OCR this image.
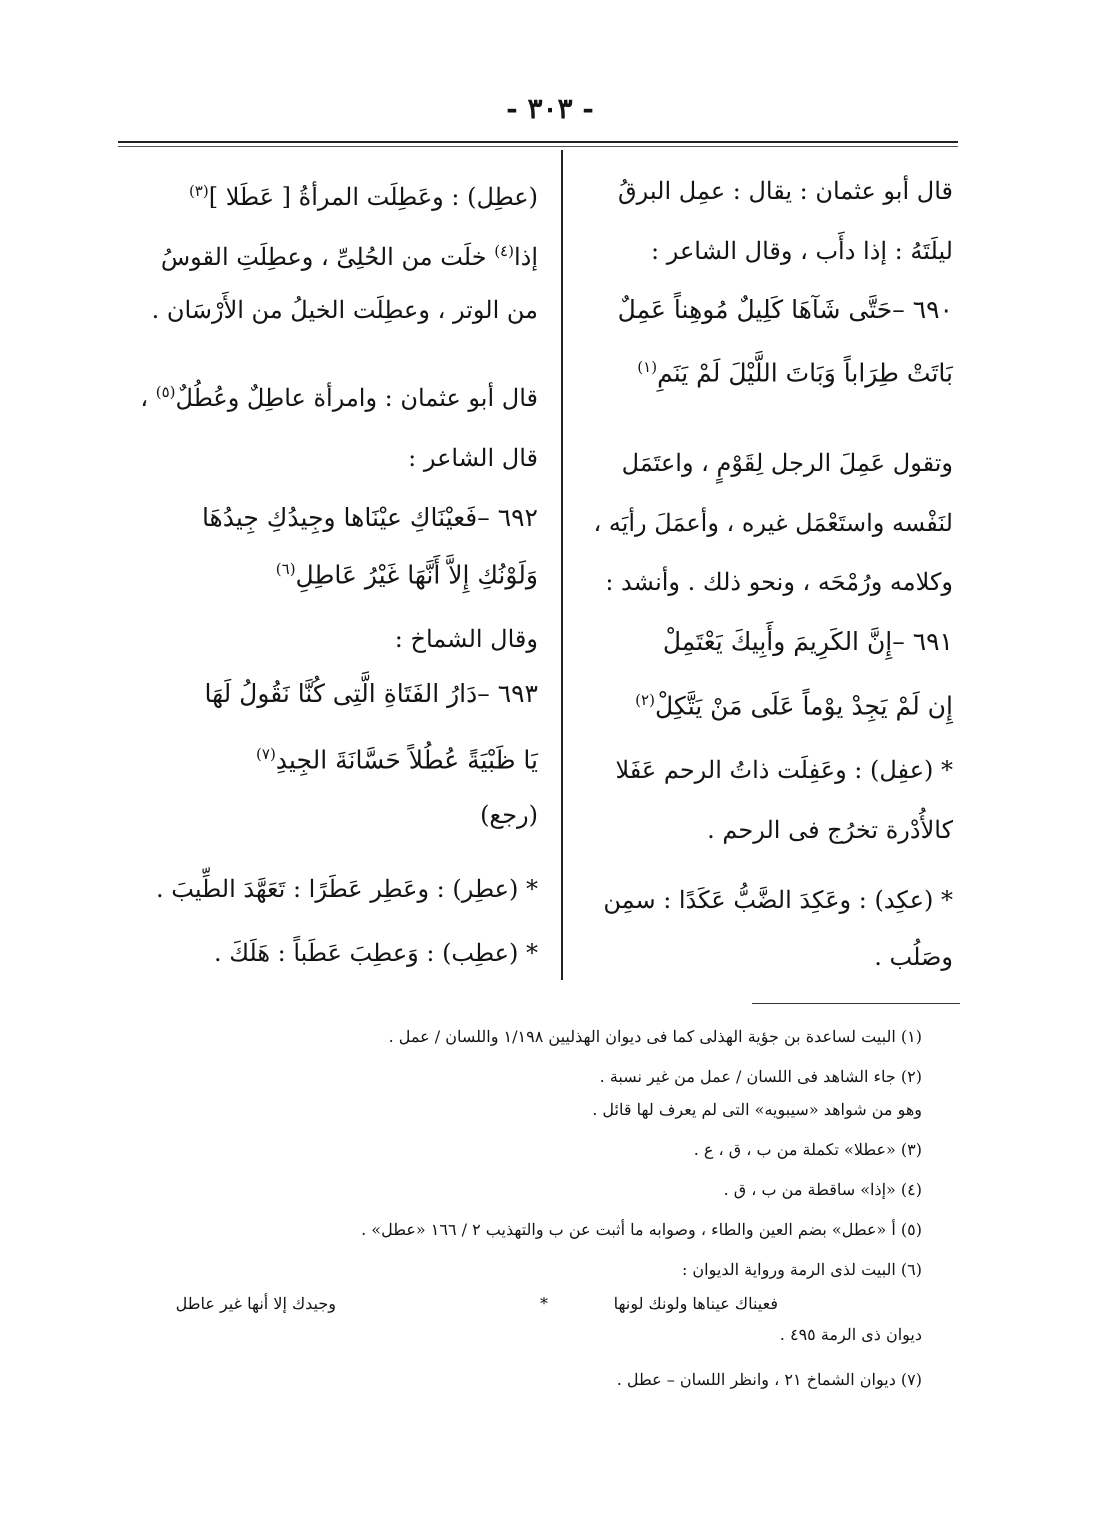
- ٣٠٣ -
قال أبو عثمان : يقال : عمِل البرقُ
ليلَتَهُ : إذا دأَب ، وقال الشاعر :
٦٩٠ –حَتَّى شَآهَا كَلِيلٌ مُوهِناً عَمِلٌ
بَاتَتْ طِرَاباً وَبَاتَ اللَّيْلَ لَمْ يَنَمِ$^{(١)}$
وتقول عَمِلَ الرجل لِقَوْمٍ ، واعتَمَل
لنَفْسه واستَعْمَل غيره ، وأعمَلَ رأيَه ،
وكلامه ورُمْحَه ، ونحو ذلك . وأنشد :
٦٩١ –إِنَّ الكَرِيمَ وأَبِيكَ يَعْتَمِلْ
إِن لَمْ يَجِدْ يوْماً عَلَى مَنْ يَتَّكِلْ$^{(٢)}$
* (عفِل) : وعَفِلَت ذاتُ الرحم عَفَلا
كالأُدْرة تخرُج فى الرحم .
* (عكِد) : وعَكِدَ الضَّبُّ عَكَدًا : سمِن
وصَلُب .
(عطِل) : وعَطِلَت المرأةُ [ عَطَلا ]$^{(٣)}$
إذا$^{(٤)}$ خلَت من الحُلِىِّ ، وعطِلَتِ القوسُ
من الوتر ، وعطِلَت الخيلُ من الأَرْسَان .
قال أبو عثمان : وامرأة عاطِلٌ وعُطُلٌ$^{(٥)}$ ،
قال الشاعر :
٦٩٢ –فَعيْنَاكِ عيْنَاها وجِيدُكِ جِيدُهَا
وَلَوْنُكِ إِلاَّ أَنَّهَا غَيْرُ عَاطِلِ$^{(٦)}$
وقال الشماخ :
٦٩٣ –دَارُ الفَتَاةِ الَّتِى كُنَّا نَقُولُ لَهَا
يَا ظَبْيَةً عُطُلاً حَسَّانَةَ الجِيدِ$^{(٧)}$
(رجع)
* (عطِر) : وعَطِر عَطَرًا : تَعَهَّدَ الطِّيبَ .
* (عطِب) : وَعطِبَ عَطَباً : هَلَكَ .
(١) البيت لساعدة بن جؤية الهذلى كما فى ديوان الهذليين ١/١٩٨ واللسان / عمل .
(٢) جاء الشاهد فى اللسان / عمل من غير نسبة .
وهو من شواهد «سيبويه» التى لم يعرف لها قائل .
(٣) «عطلا» تكملة من ب ، ق ، ع .
(٤) «إذا» ساقطة من ب ، ق .
(٥) أ «عطل» بضم العين والطاء ، وصوابه ما أثبت عن ب والتهذيب ٢ / ١٦٦ «عطل» .
(٦) البيت لذى الرمة ورواية الديوان :
ديوان ذى الرمة ٤٩٥ .
(٧) ديوان الشماخ ٢١ ، وانظر اللسان – عطل .
فعيناك عيناها ولونك لونها
*
وجيدك إلا أنها غير عاطل
